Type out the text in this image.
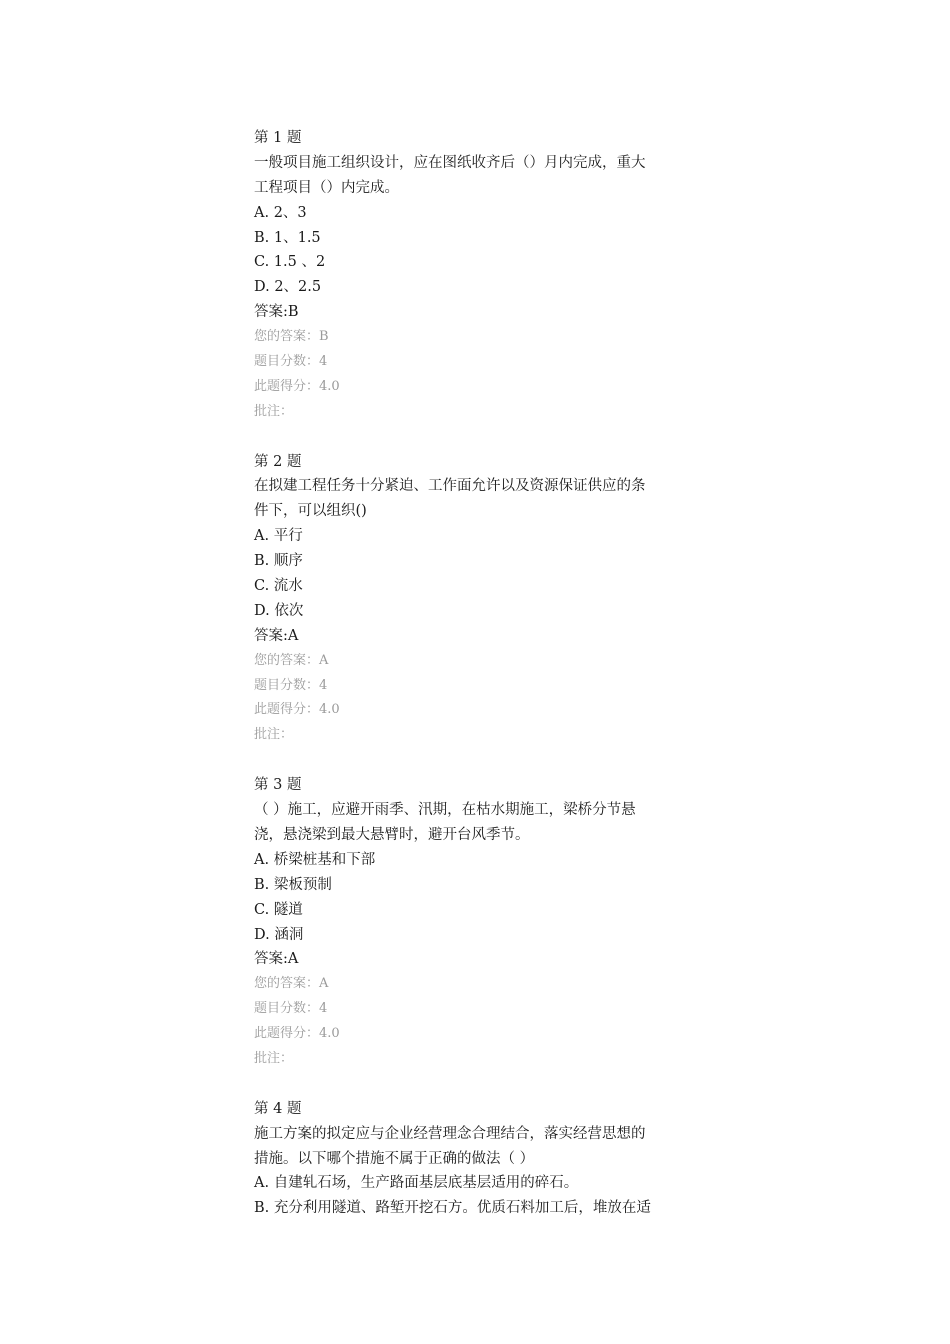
第 1 题
一般项目施工组织设计，应在图纸收齐后（）月内完成，重大
工程项目（）内完成。
A. 2、3
B. 1、1.5
C. 1.5 、2
D. 2、2.5
答案:B
您的答案：B
题目分数：4
此题得分：4.0
批注：
第 2 题
在拟建工程任务十分紧迫、工作面允许以及资源保证供应的条
件下，可以组织()
A. 平行
B. 顺序
C. 流水
D. 依次
答案:A
您的答案：A
题目分数：4
此题得分：4.0
批注：
第 3 题
（ ）施工，应避开雨季、汛期，在枯水期施工，梁桥分节悬
浇，悬浇梁到最大悬臂时，避开台风季节。
A. 桥梁桩基和下部
B. 梁板预制
C. 隧道
D. 涵洞
答案:A
您的答案：A
题目分数：4
此题得分：4.0
批注：
第 4 题
施工方案的拟定应与企业经营理念合理结合，落实经营思想的
措施。以下哪个措施不属于正确的做法（ ）
A. 自建轧石场，生产路面基层底基层适用的碎石。
B. 充分利用隧道、路堑开挖石方。优质石料加工后，堆放在适
